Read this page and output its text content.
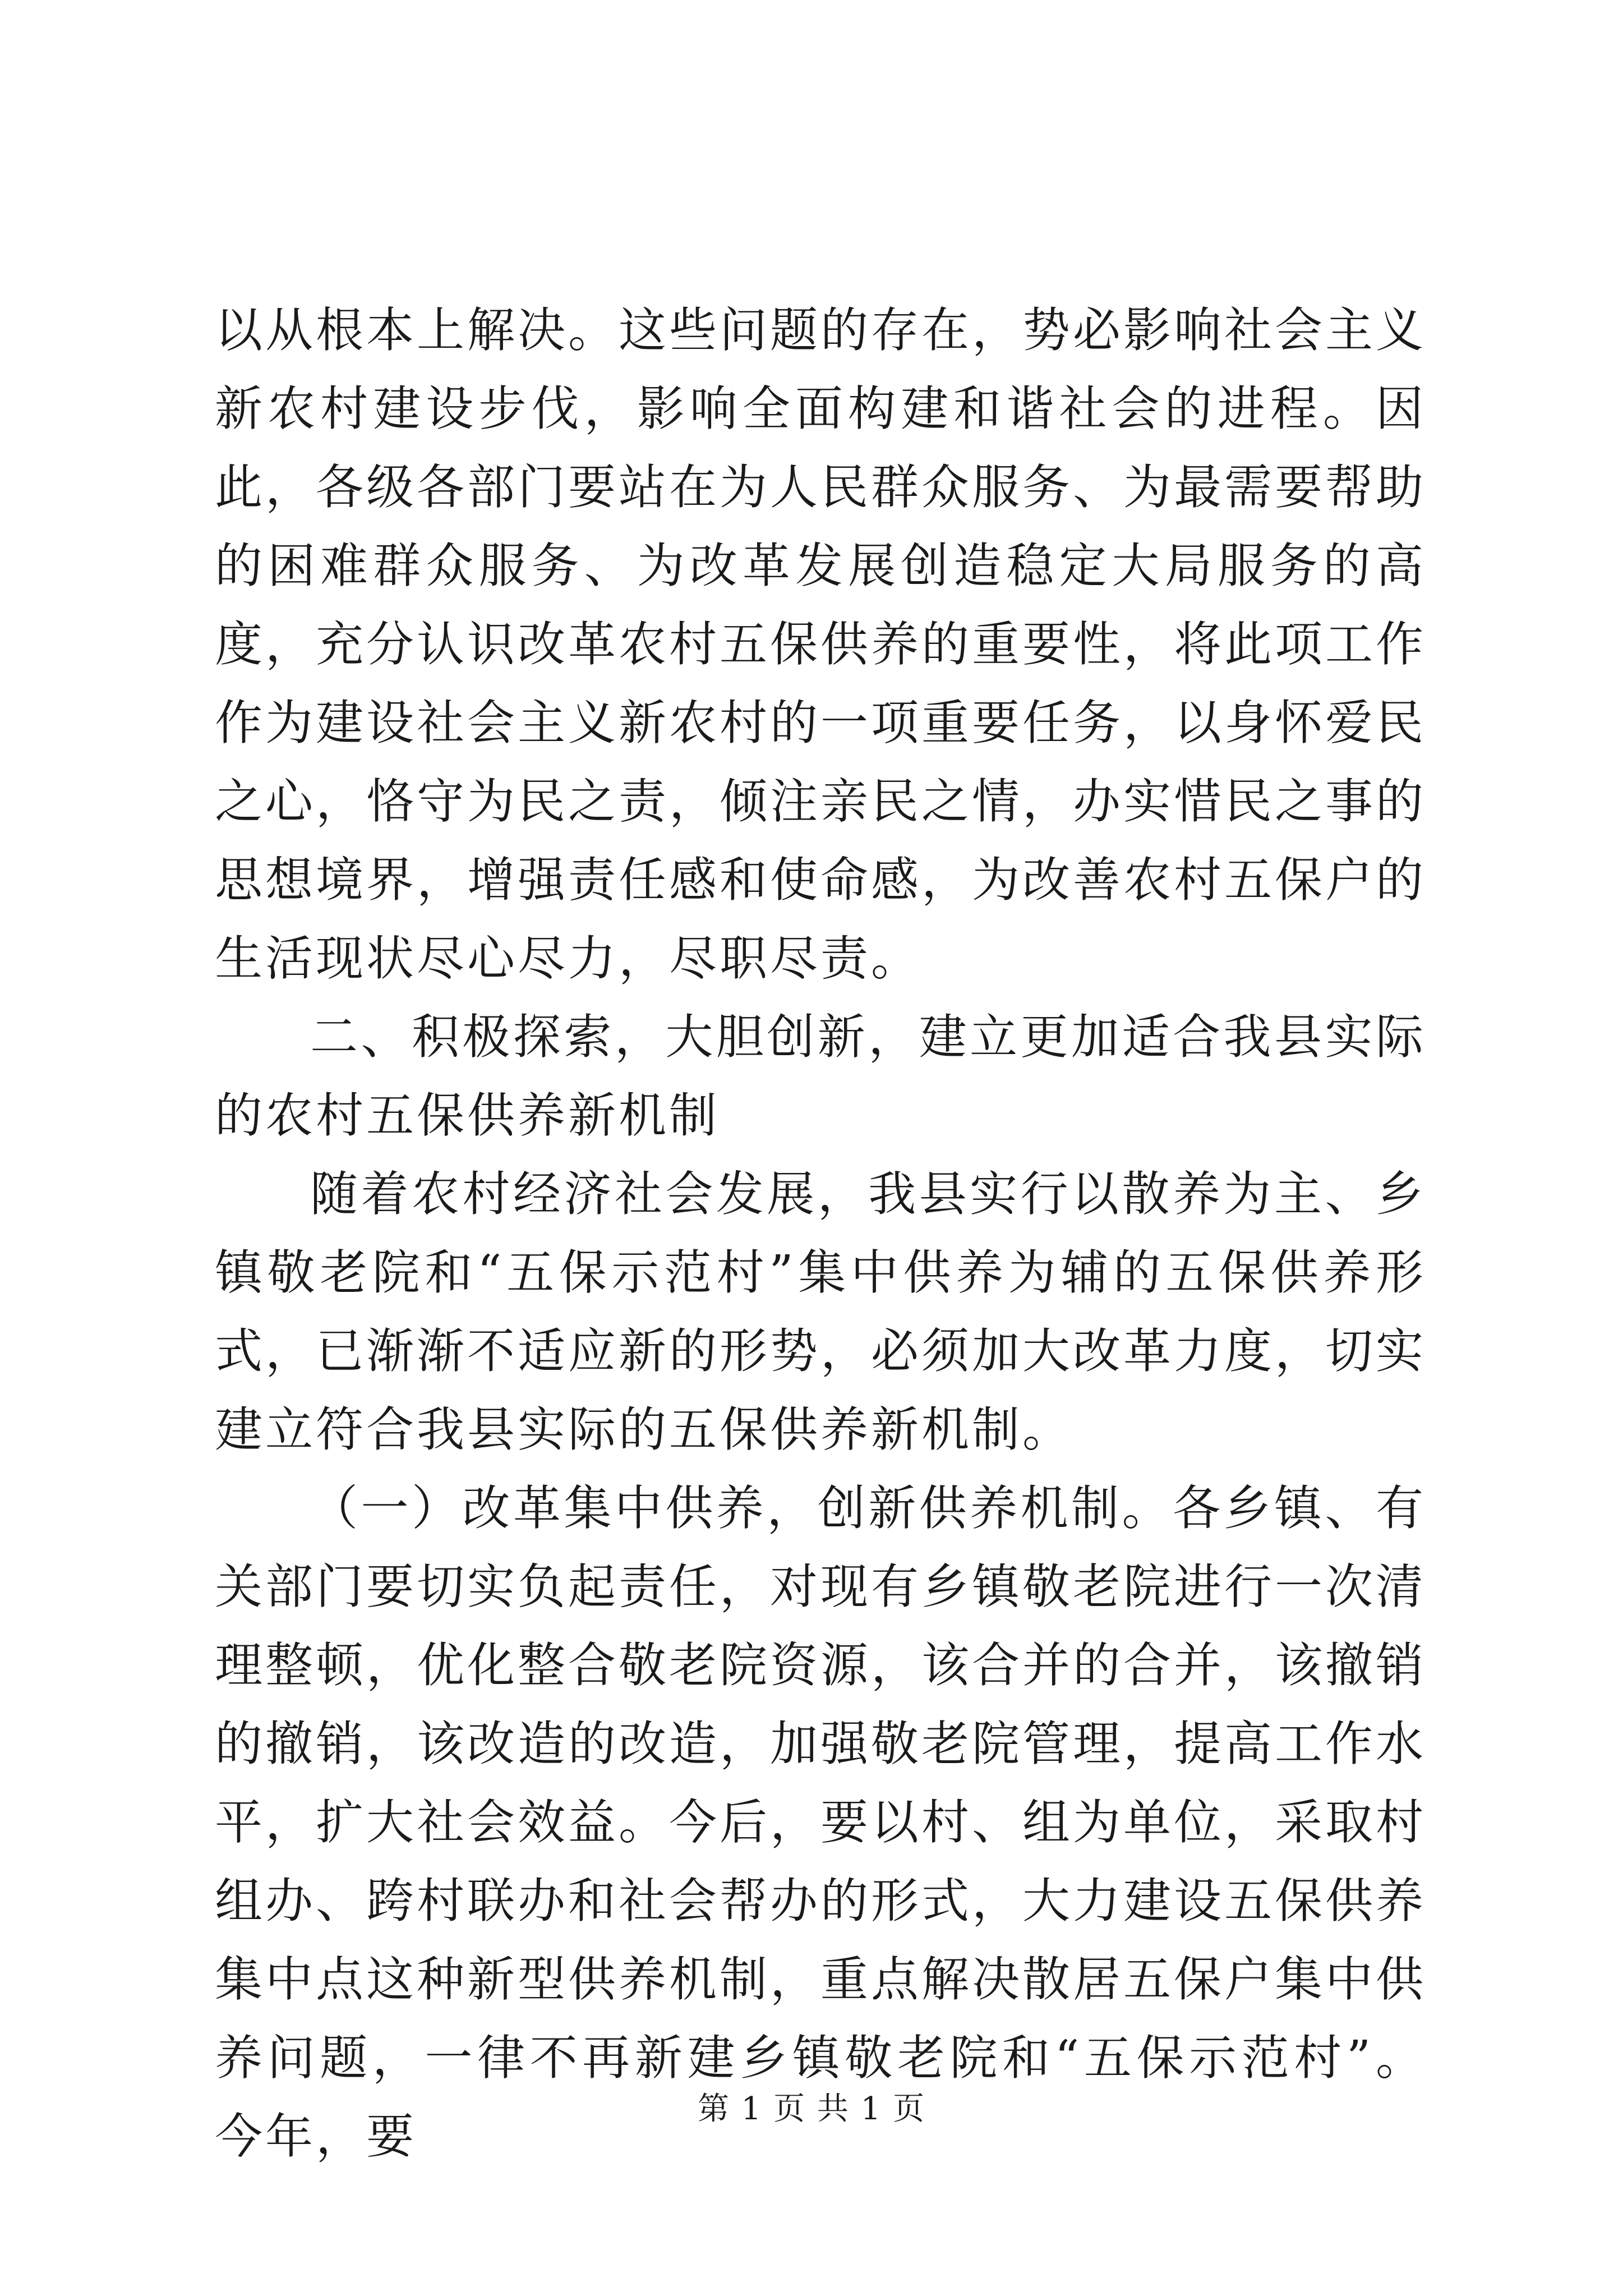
以从根本上解决。这些问题的存在，势必影响社会主义新农村建设步伐，影响全面构建和谐社会的进程。因此，各级各部门要站在为人民群众服务、为最需要帮助的困难群众服务、为改革发展创造稳定大局服务的高度，充分认识改革农村五保供养的重要性，将此项工作作为建设社会主义新农村的一项重要任务，以身怀爱民之心，恪守为民之责，倾注亲民之情，办实惜民之事的思想境界，增强责任感和使命感，为改善农村五保户的生活现状尽心尽力，尽职尽责。

二、积极探索，大胆创新，建立更加适合我县实际的农村五保供养新机制

随着农村经济社会发展，我县实行以散养为主、乡镇敬老院和“五保示范村”集中供养为辅的五保供养形式，已渐渐不适应新的形势，必须加大改革力度，切实建立符合我县实际的五保供养新机制。

（一）改革集中供养，创新供养机制。各乡镇、有关部门要切实负起责任，对现有乡镇敬老院进行一次清理整顿，优化整合敬老院资源，该合并的合并，该撤销的撤销，该改造的改造，加强敬老院管理，提高工作水平，扩大社会效益。今后，要以村、组为单位，采取村组办、跨村联办和社会帮办的形式，大力建设五保供养集中点这种新型供养机制，重点解决散居五保户集中供养问题，一律不再新建乡镇敬老院和“五保示范村”。今年，要

第 1 页 共 1 页
